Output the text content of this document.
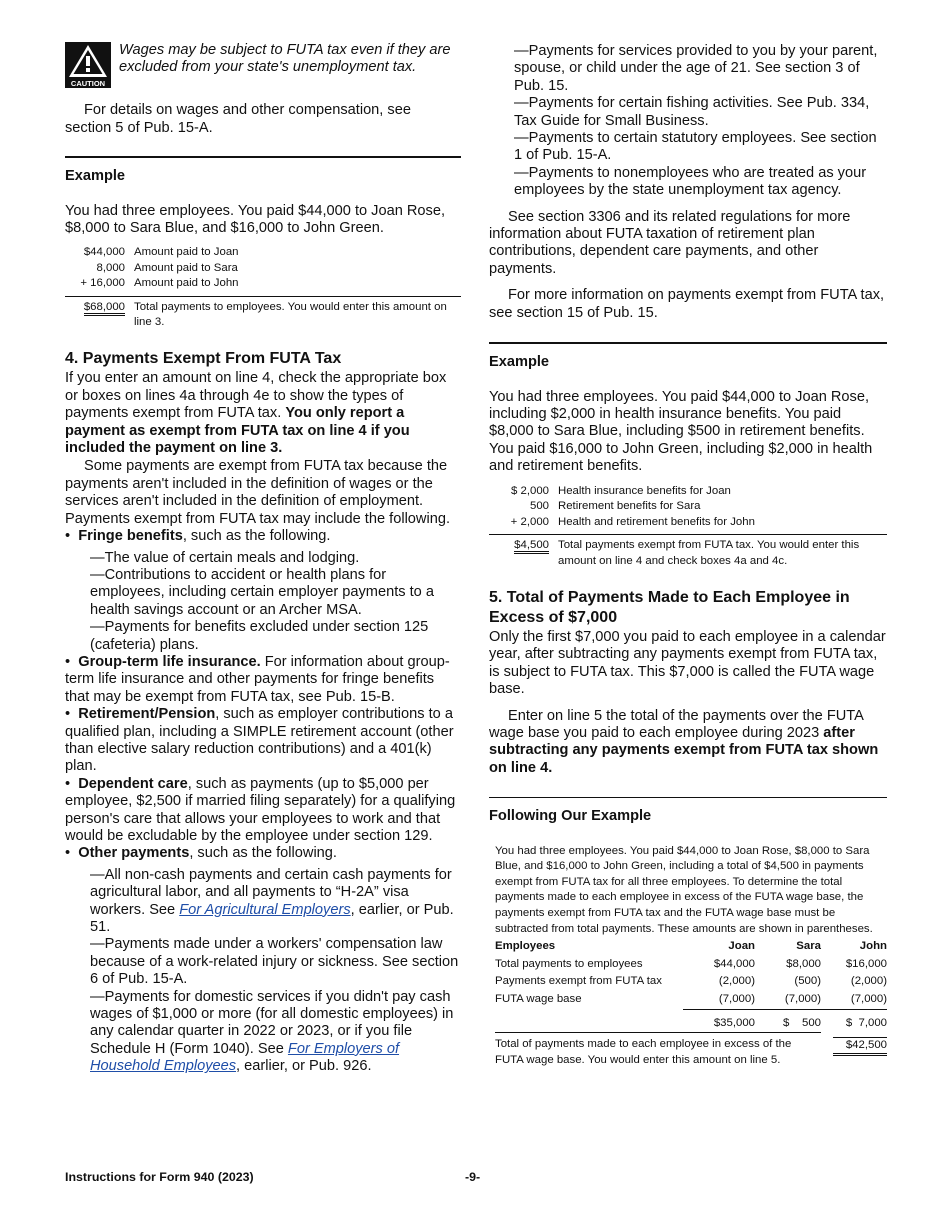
CAUTION
Wages may be subject to FUTA tax even if they are excluded from your state's unemployment tax.

For details on wages and other compensation, see section 5 of Pub. 15-A.

Example

You had three employees. You paid $44,000 to Joan Rose, $8,000 to Sara Blue, and $16,000 to John Green.

$44,000 Amount paid to Joan
8,000 Amount paid to Sara
+ 16,000 Amount paid to John
$68,000 Total payments to employees. You would enter this amount on line 3.
4. Payments Exempt From FUTA Tax

If you enter an amount on line 4, check the appropriate box or boxes on lines 4a through 4e to show the types of payments exempt from FUTA tax. You only report a payment as exempt from FUTA tax on line 4 if you included the payment on line 3.

Some payments are exempt from FUTA tax because the payments aren't included in the definition of wages or the services aren't included in the definition of employment. Payments exempt from FUTA tax may include the following.

•  Fringe benefits, such as the following.

—The value of certain meals and lodging.

—Contributions to accident or health plans for employees, including certain employer payments to a health savings account or an Archer MSA.

—Payments for benefits excluded under section 125 (cafeteria) plans.

•  Group-term life insurance. For information about group-term life insurance and other payments for fringe benefits that may be exempt from FUTA tax, see Pub. 15-B.

•  Retirement/Pension, such as employer contributions to a qualified plan, including a SIMPLE retirement account (other than elective salary reduction contributions) and a 401(k) plan.

•  Dependent care, such as payments (up to $5,000 per employee, $2,500 if married filing separately) for a qualifying person's care that allows your employees to work and that would be excludable by the employee under section 129.

•  Other payments, such as the following.

—All non-cash payments and certain cash payments for agricultural labor, and all payments to “H-2A” visa workers. See For Agricultural Employers, earlier, or Pub. 51.

—Payments made under a workers' compensation law because of a work-related injury or sickness. See section 6 of Pub. 15-A.

—Payments for domestic services if you didn't pay cash wages of $1,000 or more (for all domestic employees) in any calendar quarter in 2022 or 2023, or if you file Schedule H (Form 1040). See For Employers of Household Employees, earlier, or Pub. 926.

—Payments for services provided to you by your parent, spouse, or child under the age of 21. See section 3 of Pub. 15.

—Payments for certain fishing activities. See Pub. 334, Tax Guide for Small Business.

—Payments to certain statutory employees. See section 1 of Pub. 15-A.

—Payments to nonemployees who are treated as your employees by the state unemployment tax agency.

See section 3306 and its related regulations for more information about FUTA taxation of retirement plan contributions, dependent care payments, and other payments.

For more information on payments exempt from FUTA tax, see section 15 of Pub. 15.

Example

You had three employees. You paid $44,000 to Joan Rose, including $2,000 in health insurance benefits. You paid $8,000 to Sara Blue, including $500 in retirement benefits. You paid $16,000 to John Green, including $2,000 in health and retirement benefits.

$ 2,000 Health insurance benefits for Joan
500 Retirement benefits for Sara
+ 2,000 Health and retirement benefits for John
$4,500 Total payments exempt from FUTA tax. You would enter this amount on line 4 and check boxes 4a and 4c.
5. Total of Payments Made to Each Employee in Excess of $7,000

Only the first $7,000 you paid to each employee in a calendar year, after subtracting any payments exempt from FUTA tax, is subject to FUTA tax. This $7,000 is called the FUTA wage base.

Enter on line 5 the total of the payments over the FUTA wage base you paid to each employee during 2023 after subtracting any payments exempt from FUTA tax shown on line 4.

Following Our Example

You had three employees. You paid $44,000 to Joan Rose, $8,000 to Sara Blue, and $16,000 to John Green, including a total of $4,500 in payments exempt from FUTA tax for all three employees. To determine the total payments made to each employee in excess of the FUTA wage base, the payments exempt from FUTA tax and the FUTA wage base must be subtracted from total payments. These amounts are shown in parentheses.

Employees	Joan	Sara	John
Total payments to employees	$44,000	$8,000	$16,000
Payments exempt from FUTA tax	(2,000)	(500)	(2,000)
FUTA wage base	(7,000)	(7,000)	(7,000)
	$35,000	$    500	$  7,000
Total of payments made to each employee in excess of the FUTA wage base. You would enter this amount on line 5.			$42,500
Instructions for Form 940 (2023)	-9-
